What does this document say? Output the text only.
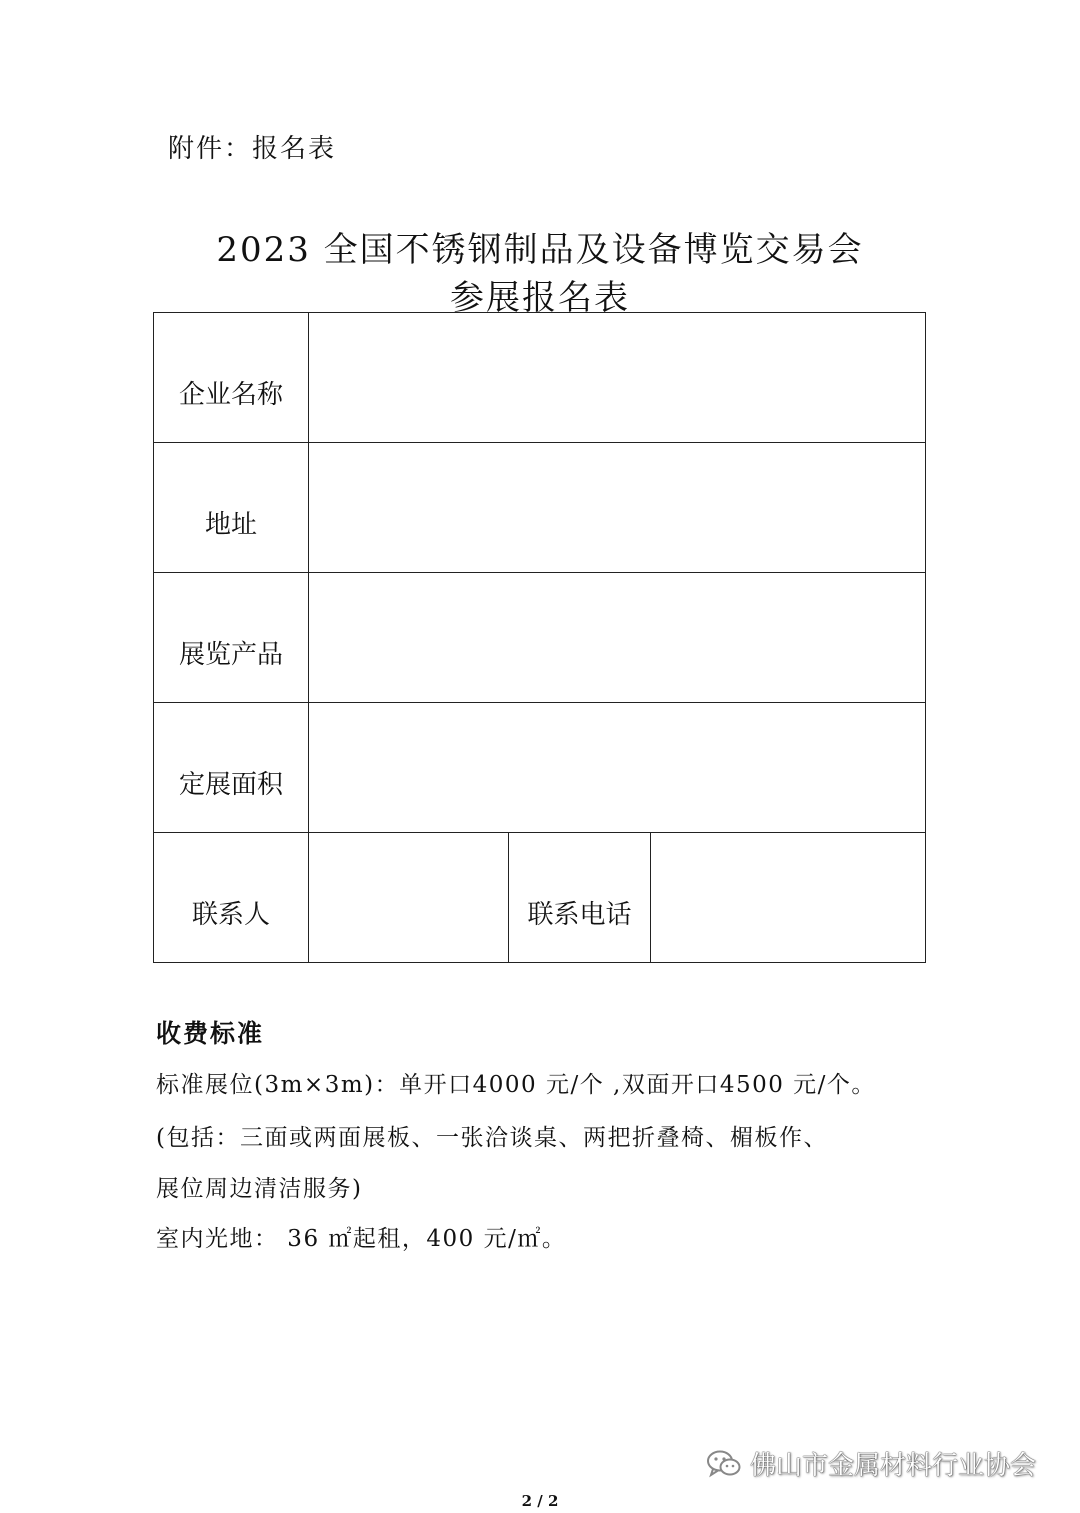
附件：报名表
2023 全国不锈钢制品及设备博览交易会
参展报名表
企业名称			
地址			
展览产品			
定展面积			
联系人		联系电话	
收费标准
标准展位(3m×3m)：单开口4000 元/个 ,双面开口4500 元/个。
(包括：三面或两面展板、一张洽谈桌、两把折叠椅、楣板作、
展位周边清洁服务)
室内光地： 36 ㎡起租，400 元/㎡。
佛山市金属材料行业协会
2 / 2
